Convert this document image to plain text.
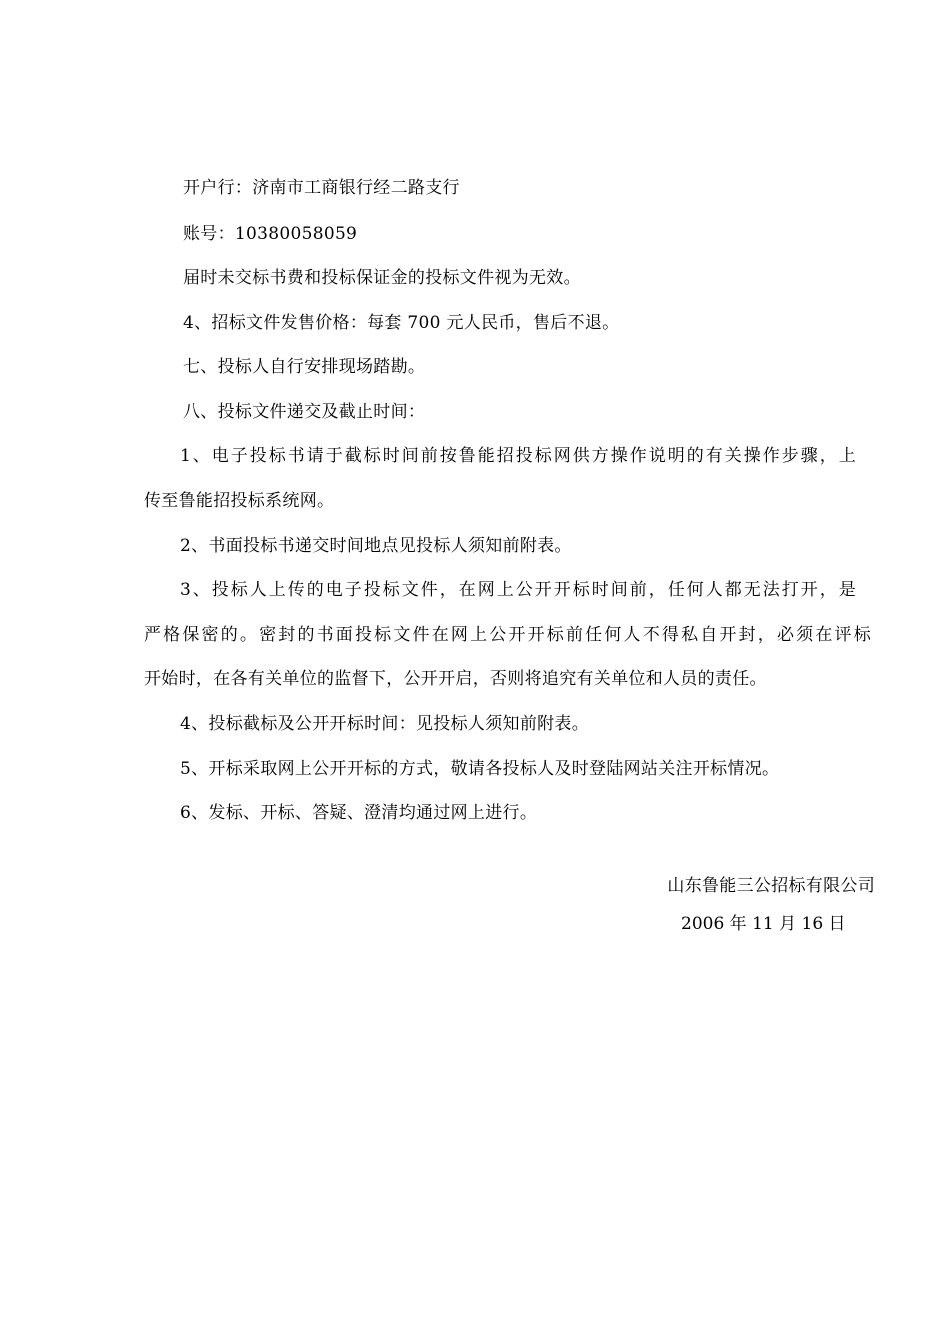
开户行：济南市工商银行经二路支行
账号：10380058059
届时未交标书费和投标保证金的投标文件视为无效。
4、招标文件发售价格：每套 700 元人民币，售后不退。
七、投标人自行安排现场踏勘。
八、投标文件递交及截止时间：
1、电子投标书请于截标时间前按鲁能招投标网供方操作说明的有关操作步骤，上
传至鲁能招投标系统网。
2、书面投标书递交时间地点见投标人须知前附表。
3、投标人上传的电子投标文件，在网上公开开标时间前，任何人都无法打开，是
严格保密的。密封的书面投标文件在网上公开开标前任何人不得私自开封，必须在评标
开始时，在各有关单位的监督下，公开开启，否则将追究有关单位和人员的责任。
4、投标截标及公开开标时间：见投标人须知前附表。
5、开标采取网上公开开标的方式，敬请各投标人及时登陆网站关注开标情况。
6、发标、开标、答疑、澄清均通过网上进行。
山东鲁能三公招标有限公司
2006 年 11 月 16 日
